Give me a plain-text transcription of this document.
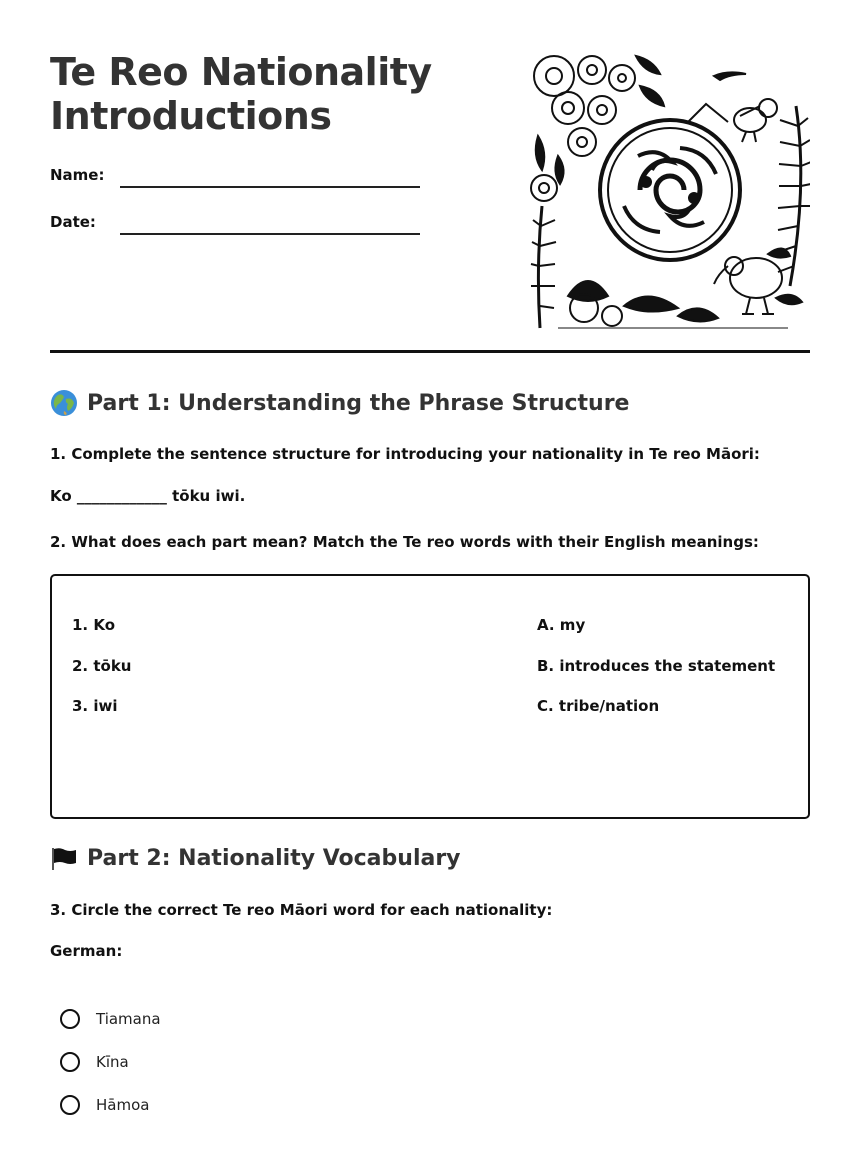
Te Reo Nationality
Introductions
Name:
Date:
Part 1: Understanding the Phrase Structure
1. Complete the sentence structure for introducing your nationality in Te reo Māori:
Ko ____________ tōku iwi.
2. What does each part mean? Match the Te reo words with their English meanings:
1. Ko
2. tōku
3. iwi
A. my
B. introduces the statement
C. tribe/nation
Part 2: Nationality Vocabulary
3. Circle the correct Te reo Māori word for each nationality:
German:
Tiamana
Kīna
Hāmoa
